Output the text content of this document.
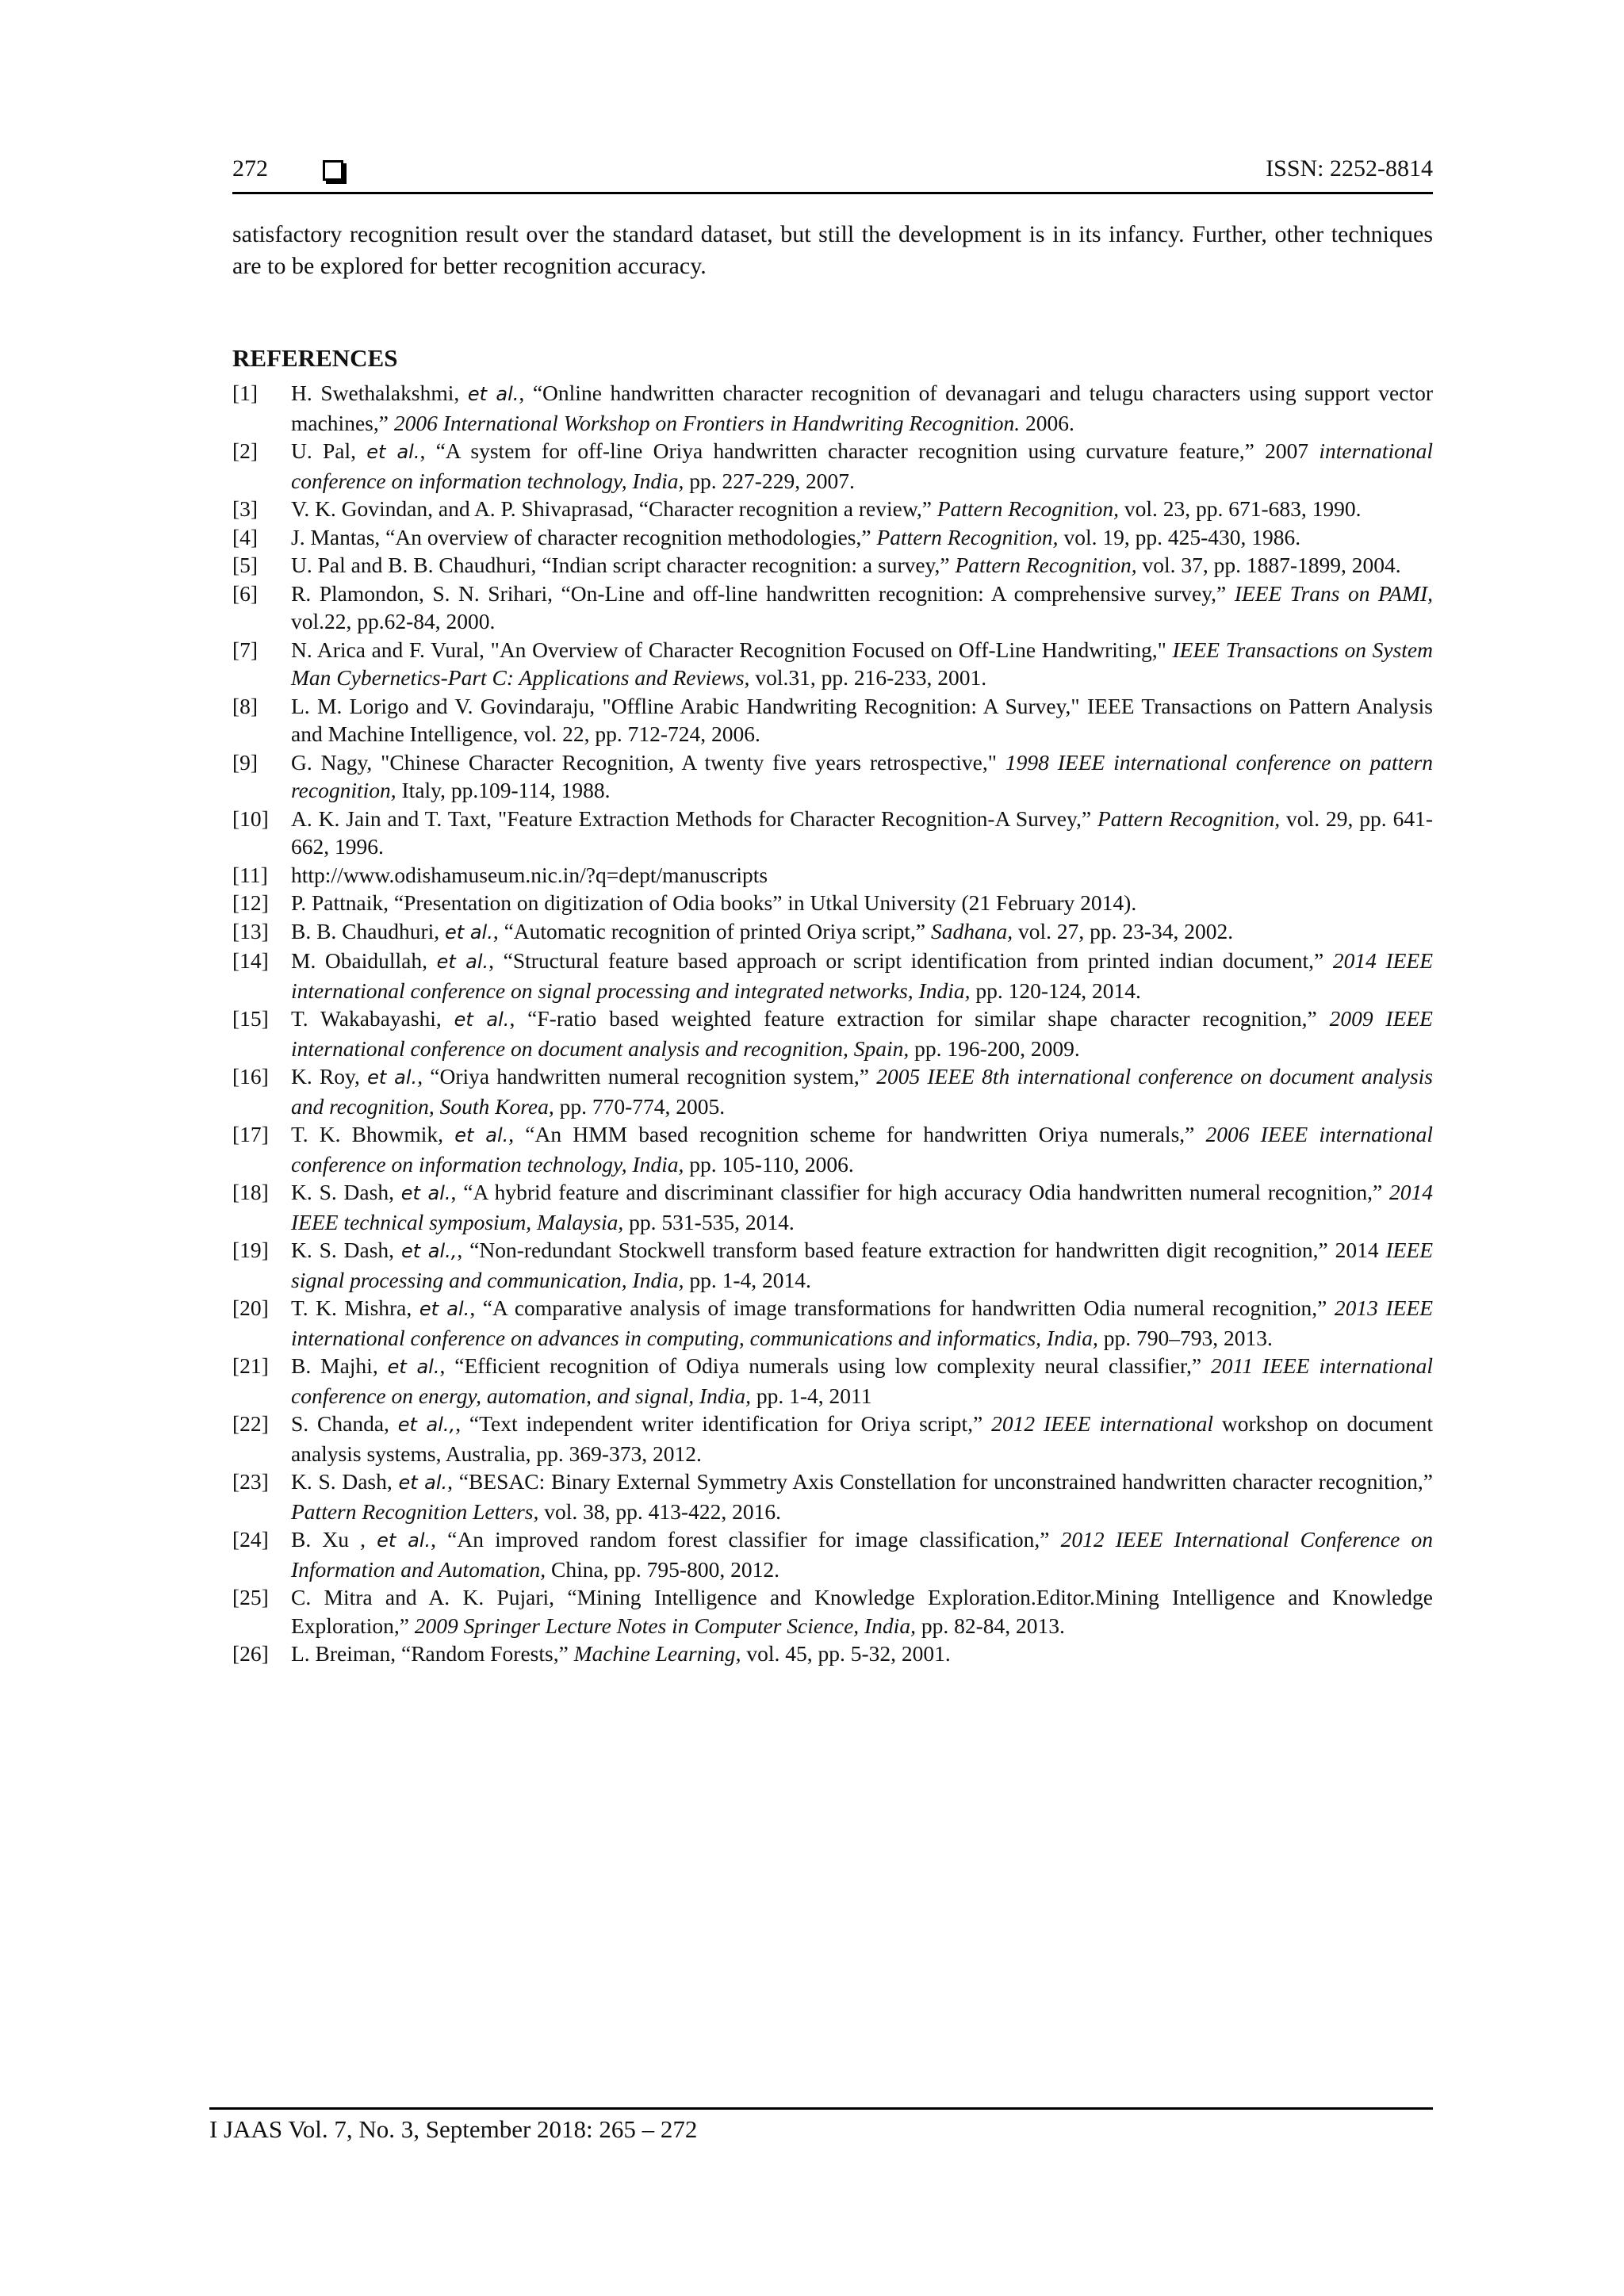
272	ISSN: 2252-8814

satisfactory recognition result over the standard dataset, but still the development is in its infancy. Further, other techniques are to be explored for better recognition accuracy.

REFERENCES
[1]	H. Swethalakshmi, et al., “Online handwritten character recognition of devanagari and telugu characters using support vector machines,” 2006 International Workshop on Frontiers in Handwriting Recognition. 2006.
[2]	U. Pal, et al., “A system for off-line Oriya handwritten character recognition using curvature feature,” 2007 international conference on information technology, India, pp. 227-229, 2007.
[3]	V. K. Govindan, and A. P. Shivaprasad, “Character recognition a review,” Pattern Recognition, vol. 23, pp. 671-683, 1990.
[4]	J. Mantas, “An overview of character recognition methodologies,” Pattern Recognition, vol. 19, pp. 425-430, 1986.
[5]	U. Pal and B. B. Chaudhuri, “Indian script character recognition: a survey,” Pattern Recognition, vol. 37, pp. 1887-1899, 2004.
[6]	R. Plamondon, S. N. Srihari, “On-Line and off-line handwritten recognition: A comprehensive survey,” IEEE Trans on PAMI, vol.22, pp.62-84, 2000.
[7]	N. Arica and F. Vural, "An Overview of Character Recognition Focused on Off-Line Handwriting," IEEE Transactions on System Man Cybernetics-Part C: Applications and Reviews, vol.31, pp. 216-233, 2001.
[8]	L. M. Lorigo and V. Govindaraju, "Offline Arabic Handwriting Recognition: A Survey," IEEE Transactions on Pattern Analysis and Machine Intelligence, vol. 22, pp. 712-724, 2006.
[9]	G. Nagy, "Chinese Character Recognition, A twenty five years retrospective," 1998 IEEE international conference on pattern recognition, Italy, pp.109-114, 1988.
[10]	A. K. Jain and T. Taxt, "Feature Extraction Methods for Character Recognition-A Survey,” Pattern Recognition, vol. 29, pp. 641-662, 1996.
[11]	http://www.odishamuseum.nic.in/?q=dept/manuscripts
[12]	P. Pattnaik, “Presentation on digitization of Odia books” in Utkal University (21 February 2014).
[13]	B. B. Chaudhuri, et al., “Automatic recognition of printed Oriya script,” Sadhana, vol. 27, pp. 23-34, 2002.
[14]	M. Obaidullah, et al., “Structural feature based approach or script identification from printed indian document,” 2014 IEEE international conference on signal processing and integrated networks, India, pp. 120-124, 2014.
[15]	T. Wakabayashi, et al., “F-ratio based weighted feature extraction for similar shape character recognition,” 2009 IEEE international conference on document analysis and recognition, Spain, pp. 196-200, 2009.
[16]	K. Roy, et al., “Oriya handwritten numeral recognition system,” 2005 IEEE 8th international conference on document analysis and recognition, South Korea, pp. 770-774, 2005.
[17]	T. K. Bhowmik, et al., “An HMM based recognition scheme for handwritten Oriya numerals,” 2006 IEEE international conference on information technology, India, pp. 105-110, 2006.
[18]	K. S. Dash, et al., “A hybrid feature and discriminant classifier for high accuracy Odia handwritten numeral recognition,” 2014 IEEE technical symposium, Malaysia, pp. 531-535, 2014.
[19]	K. S. Dash, et al.,, “Non-redundant Stockwell transform based feature extraction for handwritten digit recognition,” 2014 IEEE signal processing and communication, India, pp. 1-4, 2014.
[20]	T. K. Mishra, et al., “A comparative analysis of image transformations for handwritten Odia numeral recognition,” 2013 IEEE international conference on advances in computing, communications and informatics, India, pp. 790–793, 2013.
[21]	B. Majhi, et al., “Efficient recognition of Odiya numerals using low complexity neural classifier,” 2011 IEEE international conference on energy, automation, and signal, India, pp. 1-4, 2011
[22]	S. Chanda, et al.,, “Text independent writer identification for Oriya script,” 2012 IEEE international workshop on document analysis systems, Australia, pp. 369-373, 2012.
[23]	K. S. Dash, et al., “BESAC: Binary External Symmetry Axis Constellation for unconstrained handwritten character recognition,” Pattern Recognition Letters, vol. 38, pp. 413-422, 2016.
[24]	B. Xu , et al., “An improved random forest classifier for image classification,” 2012 IEEE International Conference on Information and Automation, China, pp. 795-800, 2012.
[25]	C. Mitra and A. K. Pujari, “Mining Intelligence and Knowledge Exploration.Editor.Mining Intelligence and Knowledge Exploration,” 2009 Springer Lecture Notes in Computer Science, India, pp. 82-84, 2013.
[26]	L. Breiman, “Random Forests,” Machine Learning, vol. 45, pp. 5-32, 2001.
I JAAS Vol. 7, No. 3, September 2018: 265 – 272
